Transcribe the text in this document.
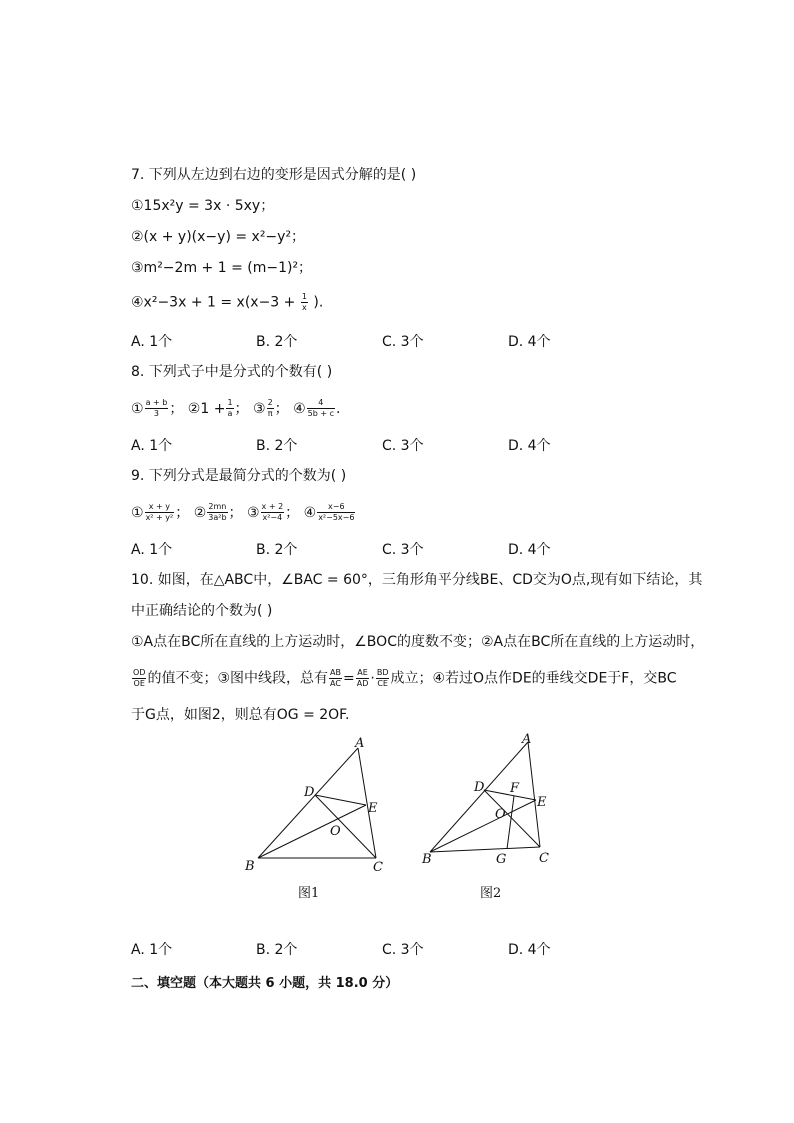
7. 下列从左边到右边的变形是因式分解的是( )
①15x²y = 3x · 5xy；
②(x + y)(x−y) = x²−y²；
③m²−2m + 1 = (m−1)²；
④x²−3x + $1 = x(x-3 + \frac{1}{x}$ ).
A. 1个	B. 2个	C. 3个	D. 4个
8. 下列式子中是分式的个数有( )
① $\frac{a + b}{3}$ ； ②1 + $\frac{1}{a}$ ； ③ $\frac{2}{\pi}$ ； ④ $\frac{4}{5b + c}$ .
A. 1个	B. 2个	C. 3个	D. 4个
9. 下列分式是最简分式的个数为( )
① $\frac{x + y}{\text{x² + y²}}$ ； ② $\frac{2mn}{\text{3a²b}}$ ； ③ $\frac{x + 2}{\text{x²−4}}$ ； ④ $\frac{x-6}{\text{x²−5x−6}}$
A. 1个	B. 2个	C. 3个	D. 4个
10. 如图，在△ABC中，∠BAC = 60°，三角形角平分线BE、CD交为O点,现有如下结论，其
中正确结论的个数为( )
①A点在BC所在直线的上方运动时，∠BOC的度数不变；②A点在BC所在直线的上方运动时，
$\frac{OD}{OE}$ 的值不变；③图中线段，总有 $\frac{AB}{AC} = \frac{AE}{AD} \cdot \frac{BD}{CE}$ 成立；④若过O点作DE的垂线交DE于F，交BC
于G点，如图2，则总有OG = 2OF.
A
B	C
D
E
O
图1
A
B	C
D
E
F
O
G
图2
A. 1个	B. 2个	C. 3个	D. 4个
二、填空题（本大题共 6 小题，共 18.0 分）
